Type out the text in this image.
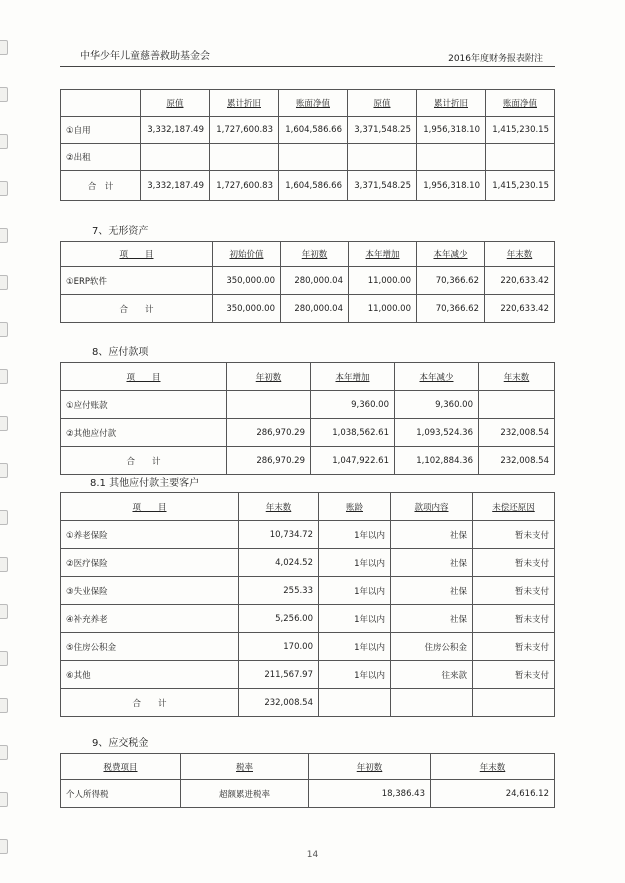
中华少年儿童慈善救助基金会	2016年度财务报表附注
	原值	累计折旧	账面净值	原值	累计折旧	账面净值
①自用	3,332,187.49	1,727,600.83	1,604,586.66	3,371,548.25	1,956,318.10	1,415,230.15
②出租						
合　计	3,332,187.49	1,727,600.83	1,604,586.66	3,371,548.25	1,956,318.10	1,415,230.15
7、无形资产
项　　目	初始价值	年初数	本年增加	本年减少	年末数
①ERP软件	350,000.00	280,000.04	11,000.00	70,366.62	220,633.42
合　　计	350,000.00	280,000.04	11,000.00	70,366.62	220,633.42
8、应付款项
项　　目	年初数	本年增加	本年减少	年末数
①应付账款		9,360.00	9,360.00	
②其他应付款	286,970.29	1,038,562.61	1,093,524.36	232,008.54
合　　计	286,970.29	1,047,922.61	1,102,884.36	232,008.54
8.1 其他应付款主要客户
项　　目	年末数	账龄	款项内容	未偿还原因
①养老保险	10,734.72	1年以内	社保	暂未支付
②医疗保险	4,024.52	1年以内	社保	暂未支付
③失业保险	255.33	1年以内	社保	暂未支付
④补充养老	5,256.00	1年以内	社保	暂未支付
⑤住房公积金	170.00	1年以内	住房公积金	暂未支付
⑥其他	211,567.97	1年以内	往来款	暂未支付
合　　计	232,008.54			
9、应交税金
税费项目	税率	年初数	年末数
个人所得税	超额累进税率	18,386.43	24,616.12
14
